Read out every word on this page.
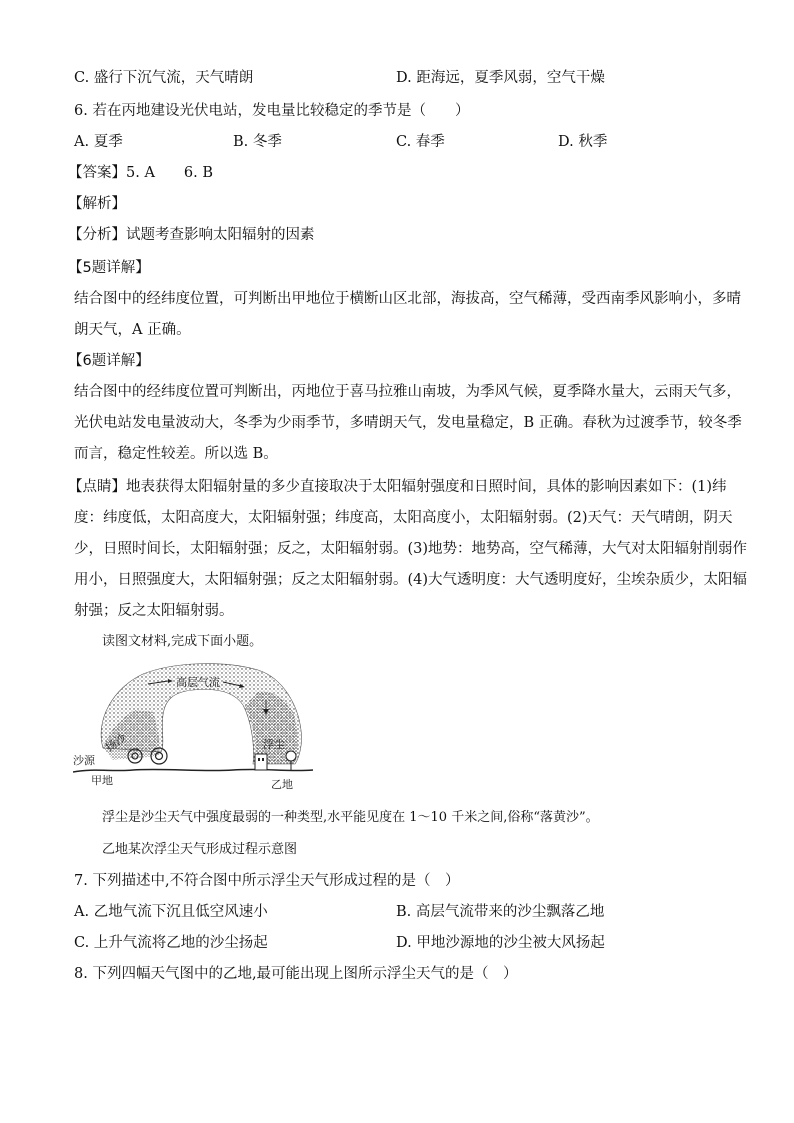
C. 盛行下沉气流，天气晴朗	D. 距海远，夏季风弱，空气干燥
6. 若在丙地建设光伏电站，发电量比较稳定的季节是（　　）
A. 夏季	B. 冬季	C. 春季	D. 秋季
【答案】5. A　　6. B
【解析】
【分析】试题考查影响太阳辐射的因素
【5题详解】
结合图中的经纬度位置，可判断出甲地位于横断山区北部，海拔高，空气稀薄，受西南季风影响小，多晴
朗天气，A 正确。
【6题详解】
结合图中的经纬度位置可判断出，丙地位于喜马拉雅山南坡，为季风气候，夏季降水量大，云雨天气多，
光伏电站发电量波动大，冬季为少雨季节，多晴朗天气，发电量稳定，B 正确。春秋为过渡季节，较冬季
而言，稳定性较差。所以选 B。
【点睛】地表获得太阳辐射量的多少直接取决于太阳辐射强度和日照时间，具体的影响因素如下：(1)纬
度：纬度低，太阳高度大，太阳辐射强；纬度高，太阳高度小，太阳辐射弱。(2)天气：天气晴朗，阴天
少，日照时间长，太阳辐射强；反之，太阳辐射弱。(3)地势：地势高，空气稀薄，大气对太阳辐射削弱作
用小，日照强度大，太阳辐射强；反之太阳辐射弱。(4)大气透明度：大气透明度好，尘埃杂质少，太阳辐
射强；反之太阳辐射弱。
读图文材料,完成下面小题。
高层气流
沙源
扬沙	浮尘
甲地	乙地
浮尘是沙尘天气中强度最弱的一种类型,水平能见度在 1～10 千米之间,俗称“落黄沙”。
乙地某次浮尘天气形成过程示意图
7. 下列描述中,不符合图中所示浮尘天气形成过程的是（　）
A. 乙地气流下沉且低空风速小	B. 高层气流带来的沙尘飘落乙地
C. 上升气流将乙地的沙尘扬起	D. 甲地沙源地的沙尘被大风扬起
8. 下列四幅天气图中的乙地,最可能出现上图所示浮尘天气的是（　）
